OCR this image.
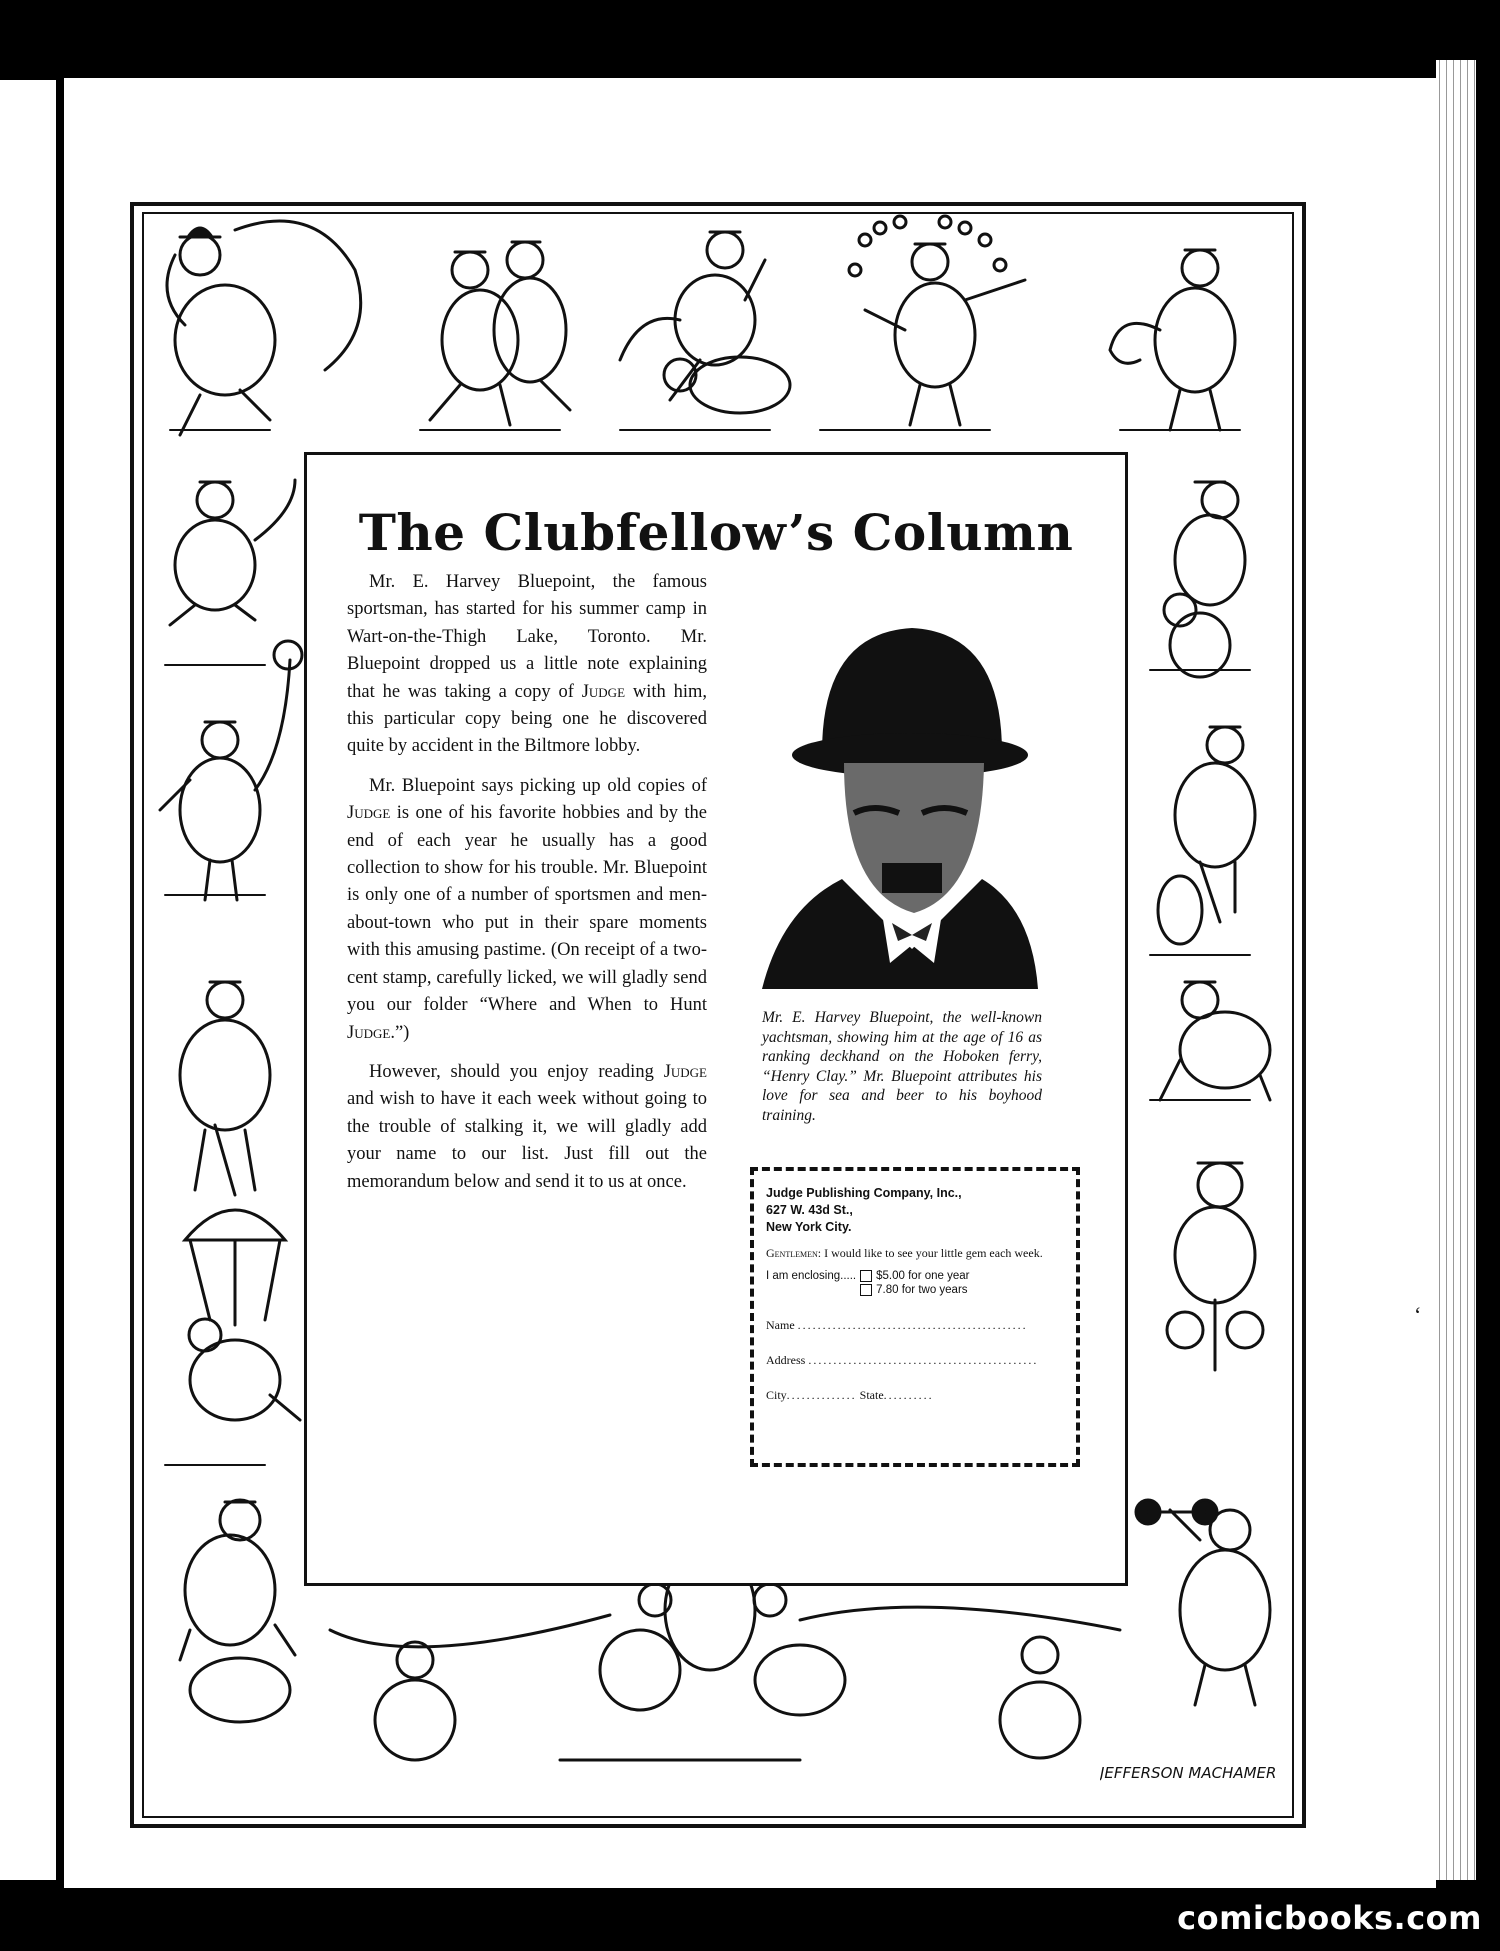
The Clubfellow’s Column

Mr. E. Harvey Bluepoint, the famous sportsman, has started for his summer camp in Wart-on-the-Thigh Lake, Toronto. Mr. Bluepoint dropped us a little note explaining that he was taking a copy of Judge with him, this particular copy being one he discovered quite by accident in the Biltmore lobby.

Mr. Bluepoint says picking up old copies of Judge is one of his favorite hobbies and by the end of each year he usually has a good collection to show for his trouble. Mr. Bluepoint is only one of a number of sportsmen and men-about-town who put in their spare moments with this amusing pastime. (On receipt of a two-cent stamp, carefully licked, we will gladly send you our folder “Where and When to Hunt Judge.”)

However, should you enjoy reading Judge and wish to have it each week without going to the trouble of stalking it, we will gladly add your name to our list. Just fill out the memorandum below and send it to us at once.

Mr. E. Harvey Bluepoint, the well-known yachtsman, showing him at the age of 16 as ranking deckhand on the Hoboken ferry, “Henry Clay.” Mr. Bluepoint attributes his love for sea and beer to his boyhood training.
Judge Publishing Company, Inc.,
627 W. 43d St.,
New York City.
Gentlemen: I would like to see your little gem each week.
I am enclosing..... $5.00 for one year
7.80 for two years
Name ..............................................
Address ..............................................
City.............. State..........
JEFFERSON MACHAMER
ʻ
comicbooks.com
